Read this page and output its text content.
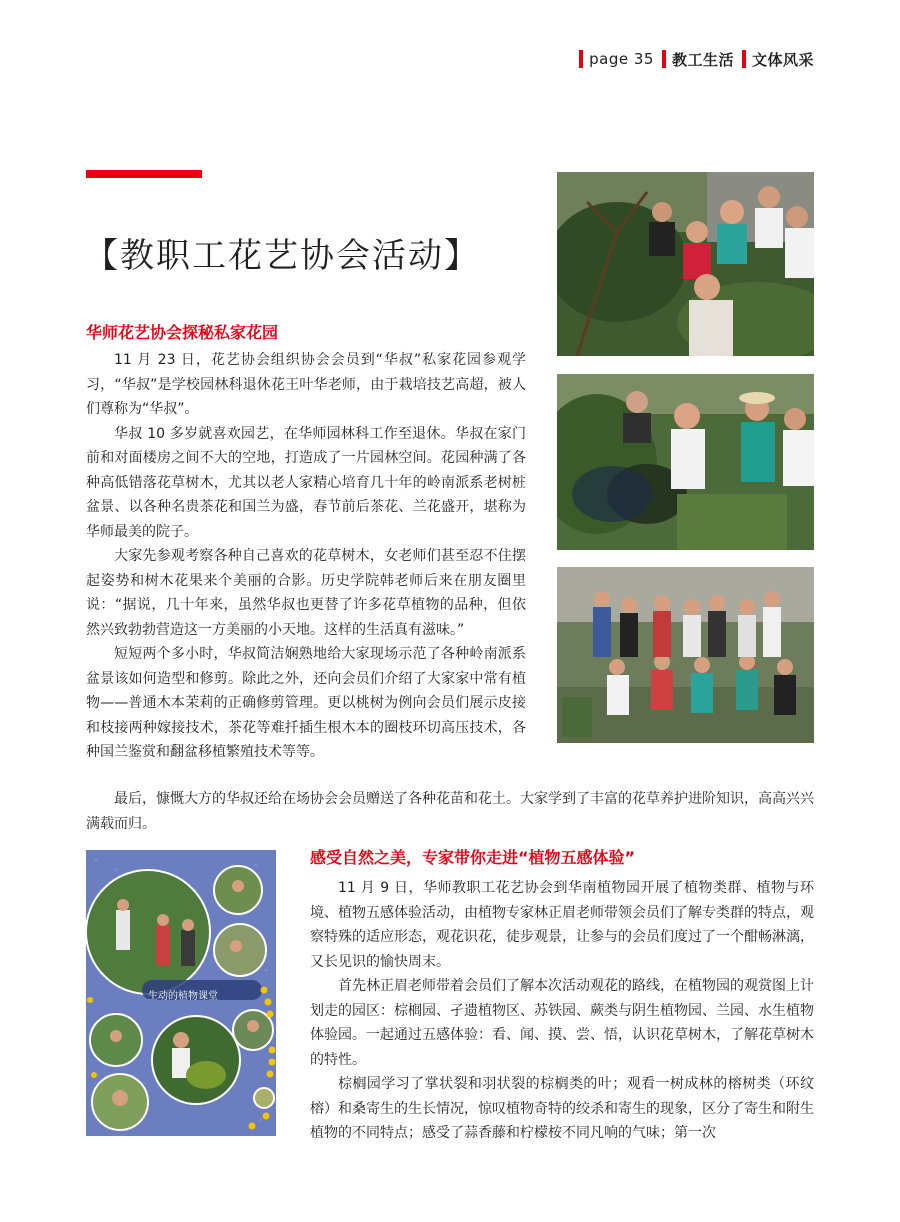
page 35 教工生活 文体风采
【教职工花艺协会活动】
华师花艺协会探秘私家花园

11 月 23 日，花艺协会组织协会会员到“华叔”私家花园参观学习，“华叔”是学校园林科退休花王叶华老师，由于栽培技艺高超，被人们尊称为“华叔”。

华叔 10 多岁就喜欢园艺，在华师园林科工作至退休。华叔在家门前和对面楼房之间不大的空地，打造成了一片园林空间。花园种满了各种高低错落花草树木，尤其以老人家精心培育几十年的岭南派系老树桩盆景、以各种名贵茶花和国兰为盛，春节前后茶花、兰花盛开，堪称为华师最美的院子。

大家先参观考察各种自己喜欢的花草树木，女老师们甚至忍不住摆起姿势和树木花果来个美丽的合影。历史学院韩老师后来在朋友圈里说：“据说，几十年来，虽然华叔也更替了许多花草植物的品种，但依然兴致勃勃营造这一方美丽的小天地。这样的生活真有滋味。”

短短两个多小时，华叔简洁娴熟地给大家现场示范了各种岭南派系盆景该如何造型和修剪。除此之外，还向会员们介绍了大家家中常有植物——普通木本茉莉的正确修剪管理。更以桃树为例向会员们展示皮接和枝接两种嫁接技术，茶花等难扦插生根木本的圈枝环切高压技术，各种国兰鉴赏和翻盆移植繁殖技术等等。

最后，慷慨大方的华叔还给在场协会会员赠送了各种花苗和花土。大家学到了丰富的花草养护进阶知识，高高兴兴满载而归。

感受自然之美，专家带你走进“植物五感体验”

11 月 9 日，华师教职工花艺协会到华南植物园开展了植物类群、植物与环境、植物五感体验活动，由植物专家林正眉老师带领会员们了解专类群的特点，观察特殊的适应形态，观花识花，徒步观景，让参与的会员们度过了一个酣畅淋漓，又长见识的愉快周末。

首先林正眉老师带着会员们了解本次活动观花的路线，在植物园的观赏图上计划走的园区：棕榈园、孑遗植物区、苏铁园、蕨类与阴生植物园、兰园、水生植物体验园。一起通过五感体验：看、闻、摸、尝、悟，认识花草树木，了解花草树木的特性。

棕榈园学习了掌状裂和羽状裂的棕榈类的叶；观看一树成林的榕树类（环纹榕）和桑寄生的生长情况，惊叹植物奇特的绞杀和寄生的现象，区分了寄生和附生植物的不同特点；感受了蒜香藤和柠檬桉不同凡响的气味；第一次

生动的植物课堂
